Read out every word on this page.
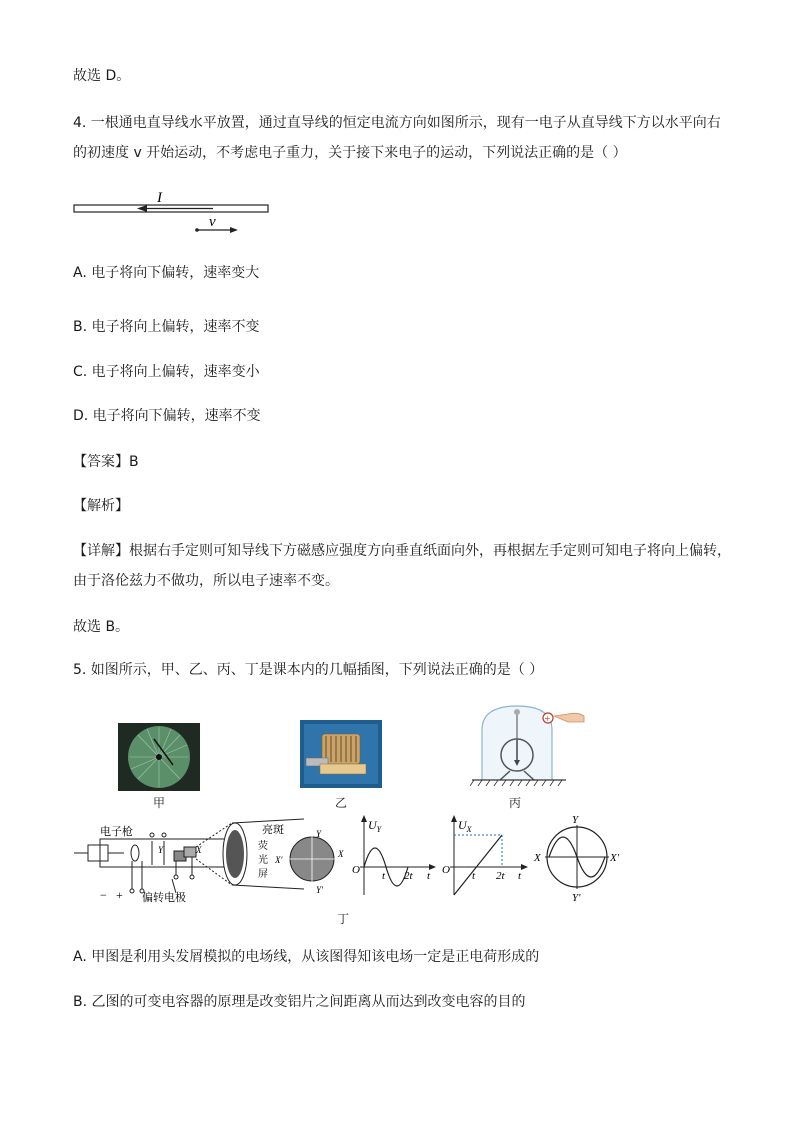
故选 D。
4. 一根通电直导线水平放置，通过直导线的恒定电流方向如图所示，现有一电子从直导线下方以水平向右
的初速度 v 开始运动，不考虑电子重力，关于接下来电子的运动，下列说法正确的是（ ）
I
v
A. 电子将向下偏转，速率变大
B. 电子将向上偏转，速率不变
C. 电子将向上偏转，速率变小
D. 电子将向下偏转，速率不变
【答案】B
【解析】
【详解】根据右手定则可知导线下方磁感应强度方向垂直纸面向外，再根据左手定则可知电子将向上偏转，
由于洛伦兹力不做功，所以电子速率不变。
故选 B。
5. 如图所示，甲、乙、丙、丁是课本内的几幅插图，下列说法正确的是（ ）
甲	乙
+
丙
电子枪
偏转电极
− +
Y	X
亮斑
荧
光
屏
Y
Y′
X′
X
$U_Y$
O t 2t t
$U_X$
O t 2t t
Y
Y′
X	X′
丁
A. 甲图是利用头发屑模拟的电场线，从该图得知该电场一定是正电荷形成的
B. 乙图的可变电容器的原理是改变铝片之间距离从而达到改变电容的目的
